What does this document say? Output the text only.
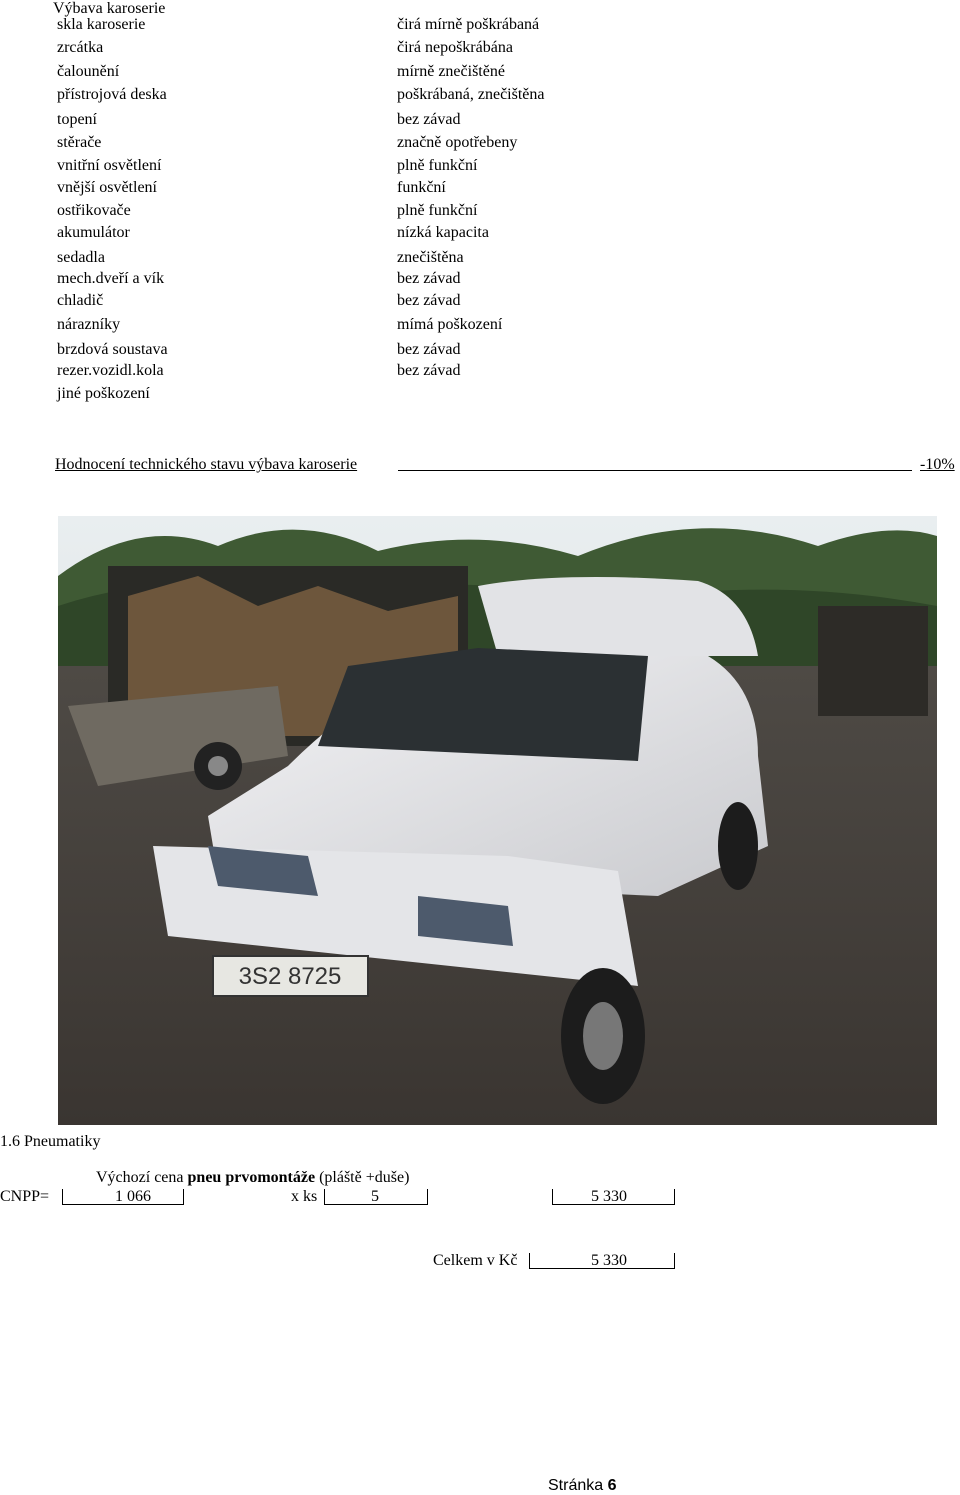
Výbava karoserie
skla karoserie	čirá mírně poškrábaná
zrcátka	čirá nepoškrábána
čalounění	mírně znečištěné
přístrojová deska	poškrábaná, znečištěna
topení	bez závad
stěrače	značně opotřebeny
vnitřní osvětlení	plně funkční
vnější osvětlení	funkční
ostřikovače	plně funkční
akumulátor	nízká kapacita
sedadla	znečištěna
mech.dveří a vík	bez závad
chladič	bez závad
nárazníky	mímá poškození
brzdová soustava	bez závad
rezer.vozidl.kola	bez závad
jiné poškození
Hodnocení technického stavu výbava karoserie	-10%
3S2 8725
1.6 Pneumatiky
Výchozí cena pneu prvomontáže (pláště +duše)
CNPP=	1 066	x ks	5	5 330
Celkem v Kč	5 330
Stránka 6
